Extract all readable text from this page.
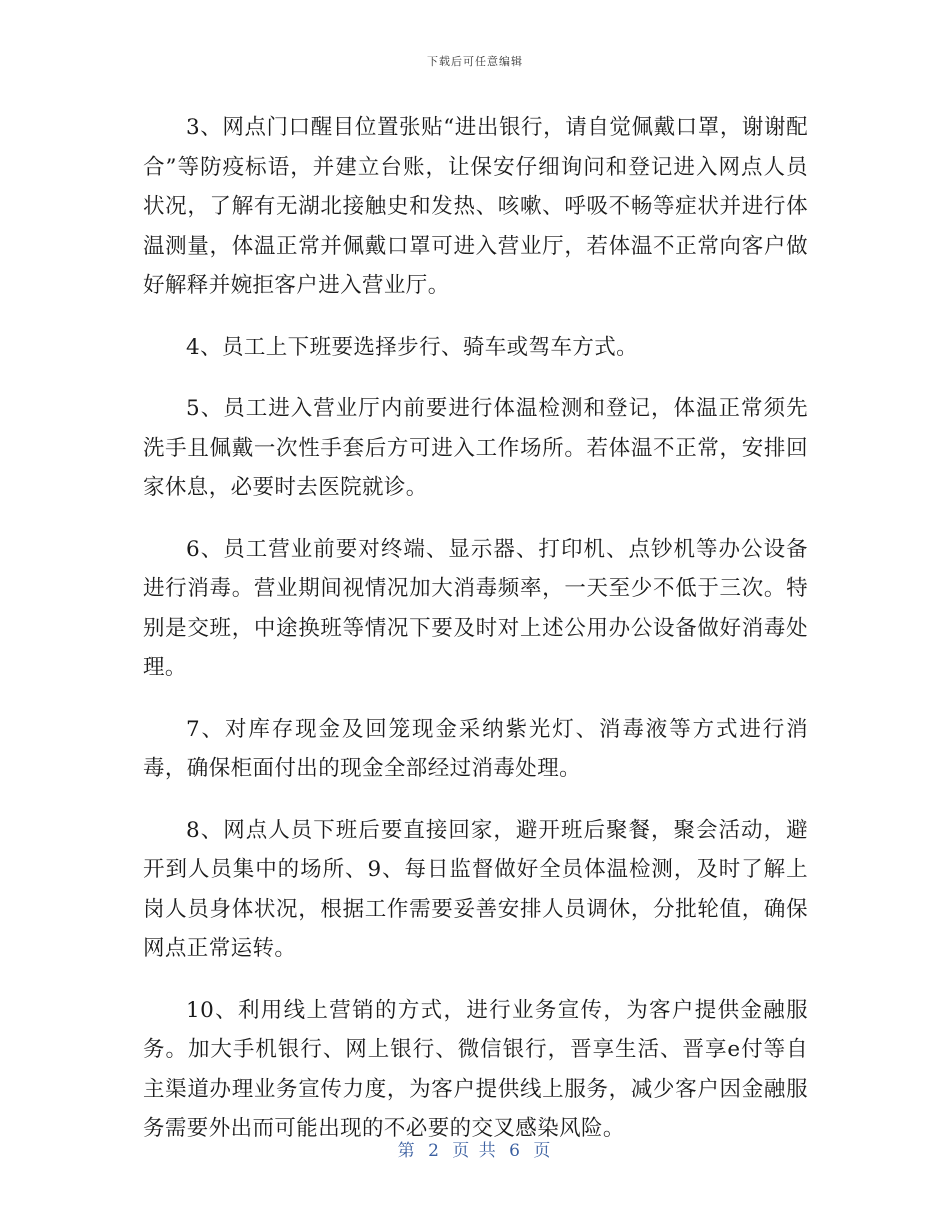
下载后可任意编辑

3、网点门口醒目位置张贴“进出银行，请自觉佩戴口罩，谢谢配合”等防疫标语，并建立台账，让保安仔细询问和登记进入网点人员状况，了解有无湖北接触史和发热、咳嗽、呼吸不畅等症状并进行体温测量，体温正常并佩戴口罩可进入营业厅，若体温不正常向客户做好解释并婉拒客户进入营业厅。

4、员工上下班要选择步行、骑车或驾车方式。

5、员工进入营业厅内前要进行体温检测和登记，体温正常须先洗手且佩戴一次性手套后方可进入工作场所。若体温不正常，安排回家休息，必要时去医院就诊。

6、员工营业前要对终端、显示器、打印机、点钞机等办公设备进行消毒。营业期间视情况加大消毒频率，一天至少不低于三次。特别是交班，中途换班等情况下要及时对上述公用办公设备做好消毒处理。

7、对库存现金及回笼现金采纳紫光灯、消毒液等方式进行消毒，确保柜面付出的现金全部经过消毒处理。

8、网点人员下班后要直接回家，避开班后聚餐，聚会活动，避开到人员集中的场所、9、每日监督做好全员体温检测，及时了解上岗人员身体状况，根据工作需要妥善安排人员调休，分批轮值，确保网点正常运转。

10、利用线上营销的方式，进行业务宣传，为客户提供金融服务。加大手机银行、网上银行、微信银行，晋享生活、晋享e付等自主渠道办理业务宣传力度，为客户提供线上服务，减少客户因金融服务需要外出而可能出现的不必要的交叉感染风险。

第 2 页 共 6 页
